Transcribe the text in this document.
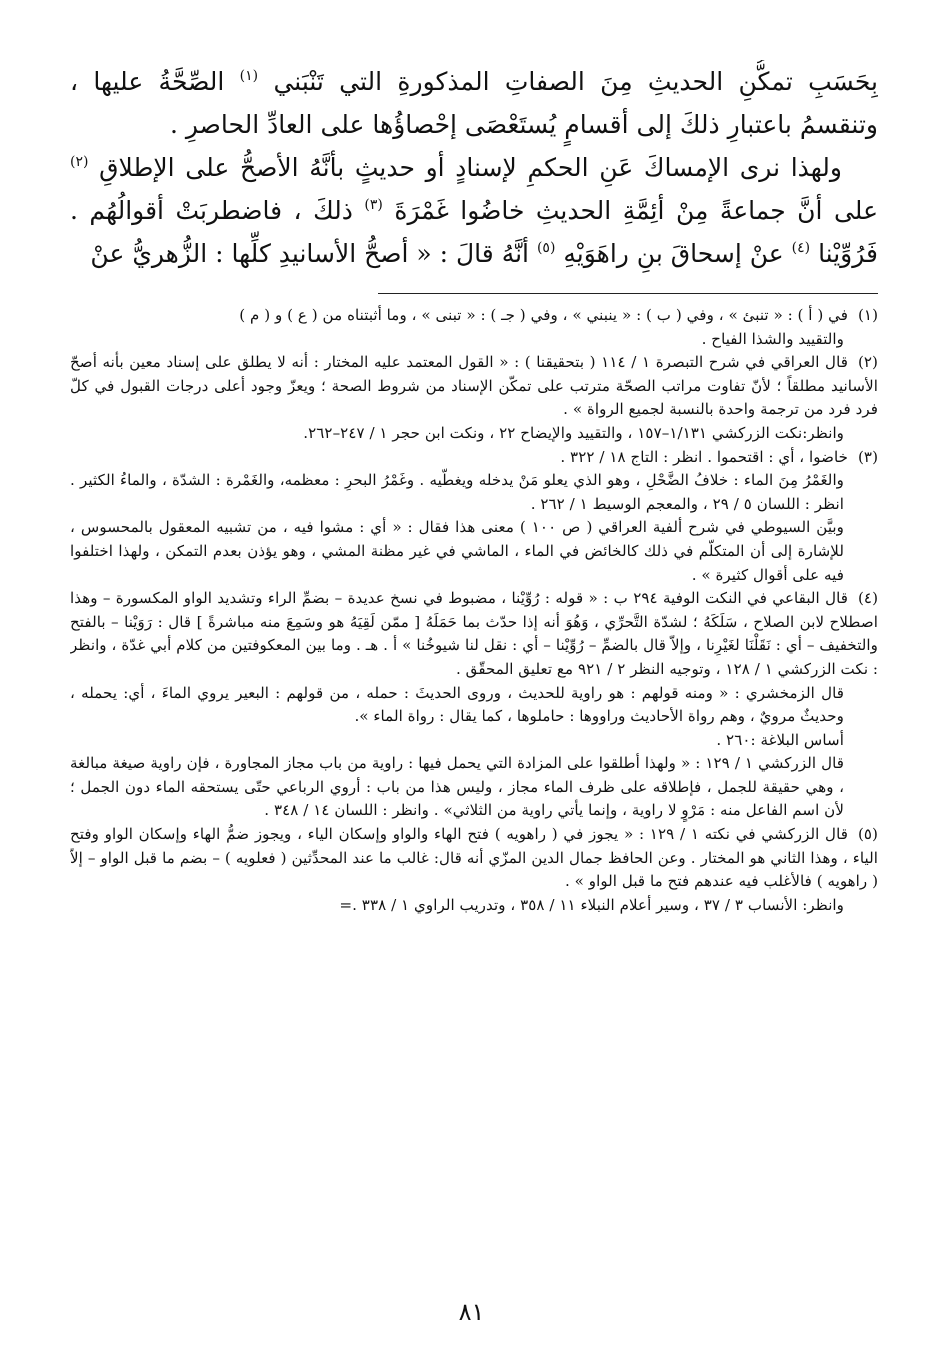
بِحَسَبِ تمكُّنِ الحديثِ مِنَ الصفاتِ المذكورةِ التي تَنْبَني $^{(١)}$ الصِّحَّةُ عليها ، وتنقسمُ باعتبارِ ذلكَ إلى أقسامٍ يُستَعْصَى إحْصاؤُها على العادِّ الحاصرِ .

ولهذا نرى الإمساكَ عَنِ الحكمِ لإسنادٍ أو حديثٍ بأنَّهُ الأصحُّ على الإطلاقِ $^{(٢)}$ على أنَّ جماعةً مِنْ أئِمَّةِ الحديثِ خاضُوا غَمْرَةَ $^{(٣)}$ ذلكَ ، فاضطربَتْ أقوالُهُم . فَرُوِّيْنا $^{(٤)}$ عنْ إسحاقَ بنِ راهَوَيْهِ $^{(٥)}$ أنَّهُ قالَ : « أصحُّ الأسانيدِ كلِّها : الزُّهريُّ عنْ

(١)في ( أ ) : « تنبئ » ، وفي ( ب ) : « ينبني » ، وفي ( جـ ) : « تبنى » ، وما أثبتناه من ( ع ) و ( م )

والتقييد والشذا الفياح .

(٢)قال العراقي في شرح التبصرة ١ / ١١٤ ( بتحقيقنا ) : « القول المعتمد عليه المختار : أنه لا يطلق على إسناد معين بأنه أصحّ الأسانيد مطلقاً ؛ لأنّ تفاوت مراتب الصحّة مترتب على تمكّن الإسناد من شروط الصحة ؛ ويعزّ وجود أعلى درجات القبول في كلّ فرد فرد من ترجمة واحدة بالنسبة لجميع الرواة » .

وانظر:نكت الزركشي ١/١٣١–١٥٧ ، والتقييد والإيضاح ٢٢ ، ونكت ابن حجر ١ / ٢٤٧–٢٦٢.

(٣)خاضوا ، أي : اقتحموا . انظر : التاج ١٨ / ٣٢٢ .

والغَمْرُ مِنَ الماء : خلافُ الضَّحْلِ ، وهو الذي يعلو مَنْ يدخله ويغطّيه . وغَمْرُ البحرِ : معظمه، والغَمْرة : الشدّة ، والماءُ الكثير . انظر : اللسان ٥ / ٢٩ ، والمعجم الوسيط ١ / ٢٦٢ .

وبيَّن السيوطي في شرح ألفية العراقي ( ص ١٠٠ ) معنى هذا فقال : « أي : مشوا فيه ، من تشبيه المعقول بالمحسوس ، للإشارة إلى أن المتكلّم في ذلك كالخائض في الماء ، الماشي في غير مظنة المشي ، وهو يؤذن بعدم التمكن ، ولهذا اختلفوا فيه على أقوال كثيرة » .

(٤)قال البقاعي في النكت الوفية ٢٩٤ ب : « قوله : رُوِّيْنا ، مضبوط في نسخ عديدة – بضمِّ الراء وتشديد الواو المكسورة – وهذا اصطلاح لابن الصلاح ، سَلَكَهُ ؛ لشدّة التَّحرِّي ، وَهُوَ أنه إذا حدّث بما حَمَلَهُ [ ممّن لَقِيَهُ هو وسَمِعَ منه مباشرةً ] قال : رَوَيْنا – بالفتح والتخفيف – أي : نَقَلْنَا لغَيْرِنا ، وإلاّ قال بالضمِّ – رُوِّيْنا – أي : نقل لنا شيوخُنا » أ . هـ . وما بين المعكوفتين من كلام أبي غدّة ، وانظر : نكت الزركشي ١ / ١٢٨ ، وتوجيه النظر ٢ / ٩٢١ مع تعليق المحقّق .

قال الزمخشري : « ومنه قولهم : هو راوية للحديث ، وروى الحديثَ : حمله ، من قولهم : البعير يروي الماءَ ، أي: يحمله ، وحديثٌ مرويٌ ، وهم رواة الأحاديث وراووها : حاملوها ، كما يقال : رواة الماء ».

أساس البلاغة :٢٦٠ .

قال الزركشي ١ / ١٢٩ : « ولهذا أطلقوا على المزادة التي يحمل فيها : راوية من باب مجاز المجاورة ، فإن راوية صيغة مبالغة ، وهي حقيقة للجمل ، فإطلاقه على ظرف الماء مجاز ، وليس هذا من باب : أروي الرباعي حتّى يستحقه الماء دون الجمل ؛ لأن اسم الفاعل منه : مَرْوٍ لا راوية ، وإنما يأتي راوية من الثلاثي» . وانظر : اللسان ١٤ / ٣٤٨ .

(٥)قال الزركشي في نكته ١ / ١٢٩ : « يجوز في ( راهويه ) فتح الهاء والواو وإسكان الياء ، ويجوز ضمُّ الهاء وإسكان الواو وفتح الياء ، وهذا الثاني هو المختار . وعن الحافظ جمال الدين المزّي أنه قال: غالب ما عند المحدِّثين ( فعلويه ) – بضم ما قبل الواو – إلاّ ( راهويه ) فالأغلب فيه عندهم فتح ما قبل الواو » .

وانظر: الأنساب ٣ / ٣٧ ، وسير أعلام النبلاء ١١ / ٣٥٨ ، وتدريب الراوي ١ / ٣٣٨ .=

٨١
